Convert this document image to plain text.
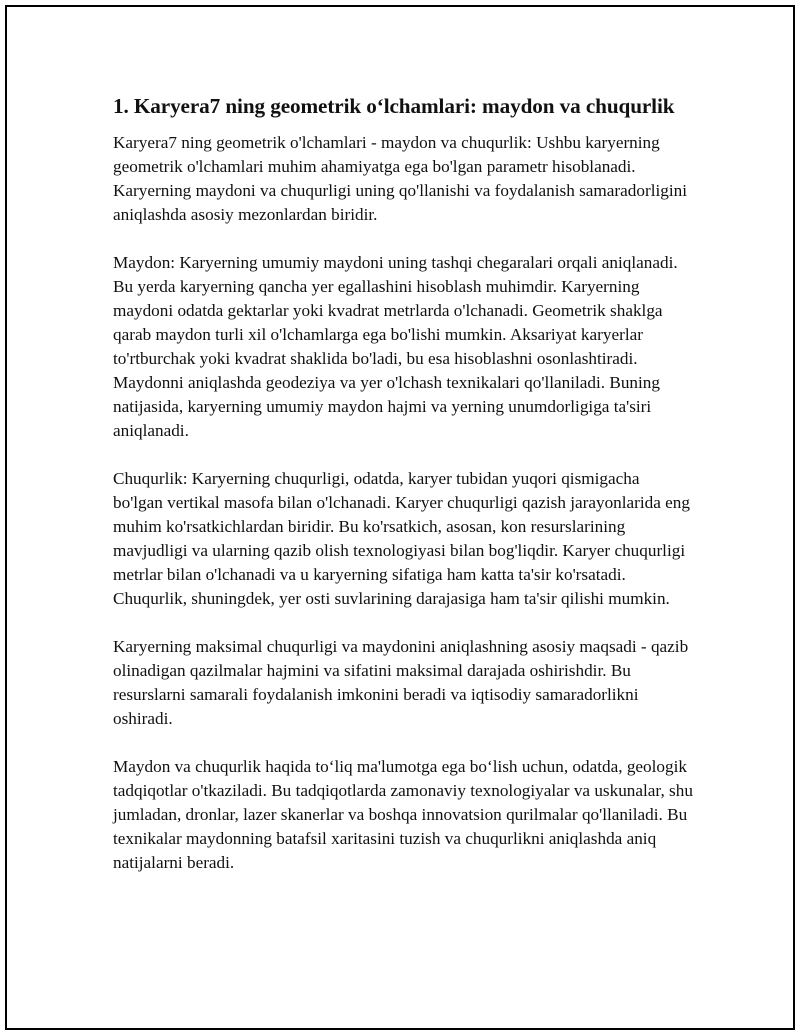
1. Karyera7 ning geometrik o‘lchamlari: maydon va chuqurlik

Karyera7 ning geometrik o'lchamlari - maydon va chuqurlik: Ushbu karyerning geometrik o'lchamlari muhim ahamiyatga ega bo'lgan parametr hisoblanadi. Karyerning maydoni va chuqurligi uning qo'llanishi va foydalanish samaradorligini aniqlashda asosiy mezonlardan biridir.

Maydon: Karyerning umumiy maydoni uning tashqi chegaralari orqali aniqlanadi. Bu yerda karyerning qancha yer egallashini hisoblash muhimdir. Karyerning maydoni odatda gektarlar yoki kvadrat metrlarda o'lchanadi. Geometrik shaklga qarab maydon turli xil o'lchamlarga ega bo'lishi mumkin. Aksariyat karyerlar to'rtburchak yoki kvadrat shaklida bo'ladi, bu esa hisoblashni osonlashtiradi. Maydonni aniqlashda geodeziya va yer o'lchash texnikalari qo'llaniladi. Buning natijasida, karyerning umumiy maydon hajmi va yerning unumdorligiga ta'siri aniqlanadi.

Chuqurlik: Karyerning chuqurligi, odatda, karyer tubidan yuqori qismigacha bo'lgan vertikal masofa bilan o'lchanadi. Karyer chuqurligi qazish jarayonlarida eng muhim ko'rsatkichlardan biridir. Bu ko'rsatkich, asosan, kon resurslarining mavjudligi va ularning qazib olish texnologiyasi bilan bog'liqdir. Karyer chuqurligi metrlar bilan o'lchanadi va u karyerning sifatiga ham katta ta'sir ko'rsatadi. Chuqurlik, shuningdek, yer osti suvlarining darajasiga ham ta'sir qilishi mumkin.

Karyerning maksimal chuqurligi va maydonini aniqlashning asosiy maqsadi - qazib olinadigan qazilmalar hajmini va sifatini maksimal darajada oshirishdir. Bu resurslarni samarali foydalanish imkonini beradi va iqtisodiy samaradorlikni oshiradi.

Maydon va chuqurlik haqida to‘liq ma'lumotga ega bo‘lish uchun, odatda, geologik tadqiqotlar o'tkaziladi. Bu tadqiqotlarda zamonaviy texnologiyalar va uskunalar, shu jumladan, dronlar, lazer skanerlar va boshqa innovatsion qurilmalar qo'llaniladi. Bu texnikalar maydonning batafsil xaritasini tuzish va chuqurlikni aniqlashda aniq natijalarni beradi.
